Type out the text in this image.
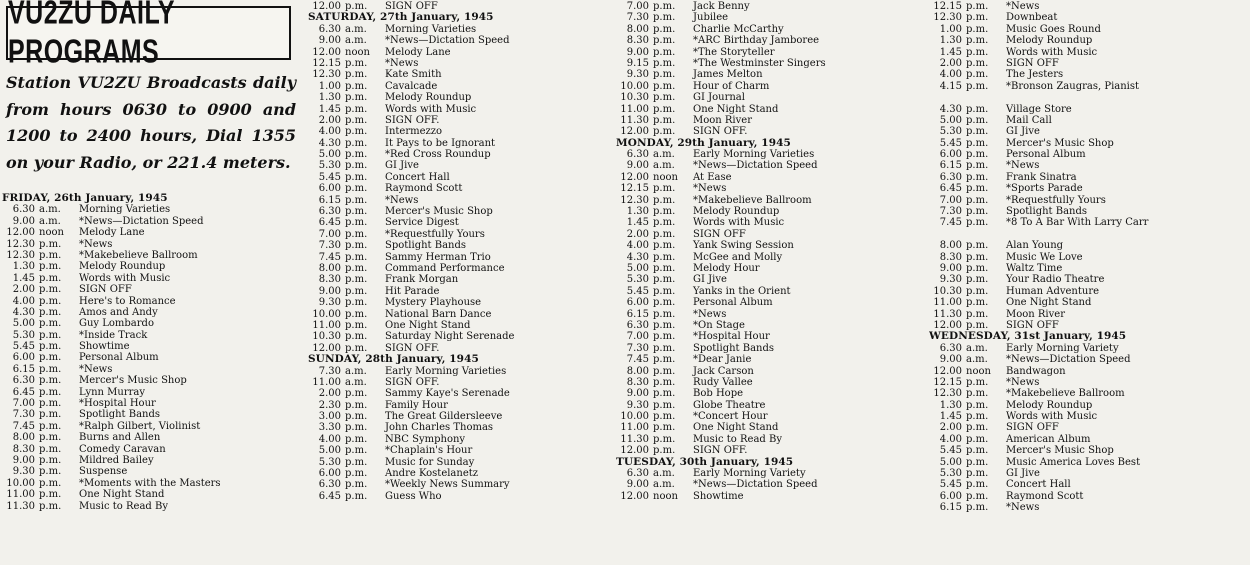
VU2ZU DAILY PROGRAMS

Station VU2ZU Broadcasts daily from hours 0630 to 0900 and 1200 to 2400 hours, Dial 1355 on your Radio, or 221.4 meters.

FRIDAY, 26th January, 1945
6.30 a.m.	Morning Varieties
9.00 a.m.	*News—Dictation Speed
12.00 noon	Melody Lane
12.30 p.m.	*News
12.30 p.m.	*Makebelieve Ballroom
1.30 p.m.	Melody Roundup
1.45 p.m.	Words with Music
2.00 p.m.	SIGN OFF
4.00 p.m.	Here's to Romance
4.30 p.m.	Amos and Andy
5.00 p.m.	Guy Lombardo
5.30 p.m.	*Inside Track
5.45 p.m.	Showtime
6.00 p.m.	Personal Album
6.15 p.m.	*News
6.30 p.m.	Mercer's Music Shop
6.45 p.m.	Lynn Murray
7.00 p.m.	*Hospital Hour
7.30 p.m.	Spotlight Bands
7.45 p.m.	*Ralph Gilbert, Violinist
8.00 p.m.	Burns and Allen
8.30 p.m.	Comedy Caravan
9.00 p.m.	Mildred Bailey
9.30 p.m.	Suspense
10.00 p.m.	*Moments with the Masters
11.00 p.m.	One Night Stand
11.30 p.m.	Music to Read By
12.00 p.m.	SIGN OFF
SATURDAY, 27th January, 1945
6.30 a.m.	Morning Varieties
9.00 a.m.	*News—Dictation Speed
12.00 noon	Melody Lane
12.15 p.m.	*News
12.30 p.m.	Kate Smith
1.00 p.m.	Cavalcade
1.30 p.m.	Melody Roundup
1.45 p.m.	Words with Music
2.00 p.m.	SIGN OFF.
4.00 p.m.	Intermezzo
4.30 p.m.	It Pays to be Ignorant
5.00 p.m.	*Red Cross Roundup
5.30 p.m.	GI Jive
5.45 p.m.	Concert Hall
6.00 p.m.	Raymond Scott
6.15 p.m.	*News
6.30 p.m.	Mercer's Music Shop
6.45 p.m.	Service Digest
7.00 p.m.	*Requestfully Yours
7.30 p.m.	Spotlight Bands
7.45 p.m.	Sammy Herman Trio
8.00 p.m.	Command Performance
8.30 p.m.	Frank Morgan
9.00 p.m.	Hit Parade
9.30 p.m.	Mystery Playhouse
10.00 p.m.	National Barn Dance
11.00 p.m.	One Night Stand
10.30 p.m.	Saturday Night Serenade
12.00 p.m.	SIGN OFF.
SUNDAY, 28th January, 1945
7.30 a.m.	Early Morning Varieties
11.00 a.m.	SIGN OFF.
2.00 p.m.	Sammy Kaye's Serenade
2.30 p.m.	Family Hour
3.00 p.m.	The Great Gildersleeve
3.30 p.m.	John Charles Thomas
4.00 p.m.	NBC Symphony
5.00 p.m.	*Chaplain's Hour
5.30 p.m.	Music for Sunday
6.00 p.m.	Andre Kostelanetz
6.30 p.m.	*Weekly News Summary
6.45 p.m.	Guess Who
7.00 p.m.	Jack Benny
7.30 p.m.	Jubilee
8.00 p.m.	Charlie McCarthy
8.30 p.m.	*ARC Birthday Jamboree
9.00 p.m.	*The Storyteller
9.15 p.m.	*The Westminster Singers
9.30 p.m.	James Melton
10.00 p.m.	Hour of Charm
10.30 p.m.	GI Journal
11.00 p.m.	One Night Stand
11.30 p.m.	Moon River
12.00 p.m.	SIGN OFF.
MONDAY, 29th January, 1945
6.30 a.m.	Early Morning Varieties
9.00 a.m.	*News—Dictation Speed
12.00 noon	At Ease
12.15 p.m.	*News
12.30 p.m.	*Makebelieve Ballroom
1.30 p.m.	Melody Roundup
1.45 p.m.	Words with Music
2.00 p.m.	SIGN OFF
4.00 p.m.	Yank Swing Session
4.30 p.m.	McGee and Molly
5.00 p.m.	Melody Hour
5.30 p.m.	GI Jive
5.45 p.m.	Yanks in the Orient
6.00 p.m.	Personal Album
6.15 p.m.	*News
6.30 p.m.	*On Stage
7.00 p.m.	*Hospital Hour
7.30 p.m.	Spotlight Bands
7.45 p.m.	*Dear Janie
8.00 p.m.	Jack Carson
8.30 p.m.	Rudy Vallee
9.00 p.m.	Bob Hope
9.30 p.m.	Globe Theatre
10.00 p.m.	*Concert Hour
11.00 p.m.	One Night Stand
11.30 p.m.	Music to Read By
12.00 p.m.	SIGN OFF.
TUESDAY, 30th January, 1945
6.30 a.m.	Early Morning Variety
9.00 a.m.	*News—Dictation Speed
12.00 noon	Showtime
12.15 p.m.	*News
12.30 p.m.	Downbeat
1.00 p.m.	Music Goes Round
1.30 p.m.	Melody Roundup
1.45 p.m.	Words with Music
2.00 p.m.	SIGN OFF
4.00 p.m.	The Jesters
4.15 p.m.	*Bronson Zaugras, Pianist
4.30 p.m.	Village Store
5.00 p.m.	Mail Call
5.30 p.m.	GI Jive
5.45 p.m.	Mercer's Music Shop
6.00 p.m.	Personal Album
6.15 p.m.	*News
6.30 p.m.	Frank Sinatra
6.45 p.m.	*Sports Parade
7.00 p.m.	*Requestfully Yours
7.30 p.m.	Spotlight Bands
7.45 p.m.	*8 To A Bar With Larry Carr
8.00 p.m.	Alan Young
8.30 p.m.	Music We Love
9.00 p.m.	Waltz Time
9.30 p.m.	Your Radio Theatre
10.30 p.m.	Human Adventure
11.00 p.m.	One Night Stand
11.30 p.m.	Moon River
12.00 p.m.	SIGN OFF
WEDNESDAY, 31st January, 1945
6.30 a.m.	Early Morning Variety
9.00 a.m.	*News—Dictation Speed
12.00 noon	Bandwagon
12.15 p.m.	*News
12.30 p.m.	*Makebelieve Ballroom
1.30 p.m.	Melody Roundup
1.45 p.m.	Words with Music
2.00 p.m.	SIGN OFF
4.00 p.m.	American Album
5.45 p.m.	Mercer's Music Shop
5.00 p.m.	Music America Loves Best
5.30 p.m.	GI Jive
5.45 p.m.	Concert Hall
6.00 p.m.	Raymond Scott
6.15 p.m.	*News
